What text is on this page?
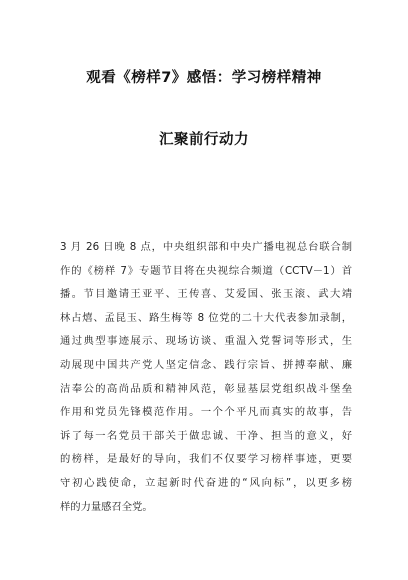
观看《榜样7》感悟：学习榜样精神
汇聚前行动力
3 月 26 日晚 8 点，中央组织部和中央广播电视总台联合制
作的《榜样 7》专题节目将在央视综合频道（CCTV－1）首
播。节目邀请王亚平、王传喜、艾爱国、张玉滚、武大靖
林占熺、孟昆玉、路生梅等 8 位党的二十大代表参加录制，
通过典型事迹展示、现场访谈、重温入党誓词等形式，生
动展现中国共产党人坚定信念、践行宗旨、拼搏奉献、廉
洁奉公的高尚品质和精神风范，彰显基层党组织战斗堡垒
作用和党员先锋模范作用。一个个平凡而真实的故事，告
诉了每一名党员干部关于做忠诚、干净、担当的意义，好
的榜样，是最好的导向，我们不仅要学习榜样事迹，更要
守初心践使命，立起新时代奋进的“风向标”，以更多榜
样的力量感召全党。
